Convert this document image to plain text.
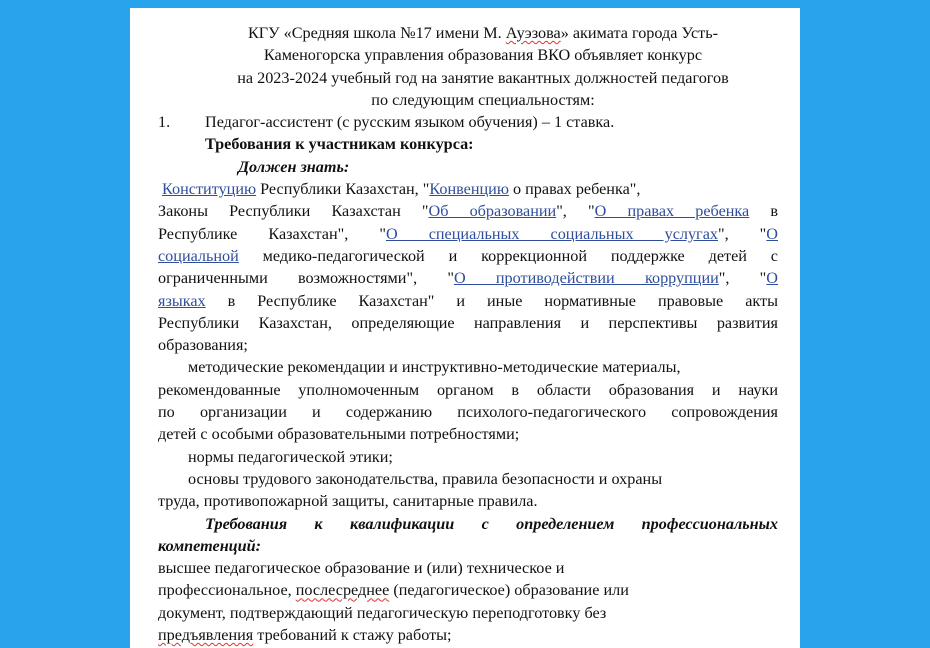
КГУ «Средняя школа №17 имени М. Ауэзова» акимата города Усть-
Каменогорска управления образования ВКО объявляет конкурс
на 2023-2024 учебный год на занятие вакантных должностей педагогов
по следующим специальностям:
1.	Педагог-ассистент (с русским языком обучения) – 1 ставка.
Требования к участникам конкурса:
Должен знать:
Конституцию Республики Казахстан, "Конвенцию о правах ребенка",
Законы Республики Казахстан "Об образовании", "О правах ребенка в
Республике Казахстан", "О специальных социальных услугах", "О
социальной медико-педагогической и коррекционной поддержке детей с
ограниченными возможностями", "О противодействии коррупции", "О
языках в Республике Казахстан" и иные нормативные правовые акты
Республики Казахстан, определяющие направления и перспективы развития
образования;
методические рекомендации и инструктивно-методические материалы,
рекомендованные уполномоченным органом в области образования и науки
по организации и содержанию психолого-педагогического сопровождения
детей с особыми образовательными потребностями;
нормы педагогической этики;
основы трудового законодательства, правила безопасности и охраны
труда, противопожарной защиты, санитарные правила.
Требования к квалификации с определением профессиональных
компетенций:
высшее педагогическое образование и (или) техническое и
профессиональное, послесреднее (педагогическое) образование или
документ, подтверждающий педагогическую переподготовку без
предъявления требований к стажу работы;
